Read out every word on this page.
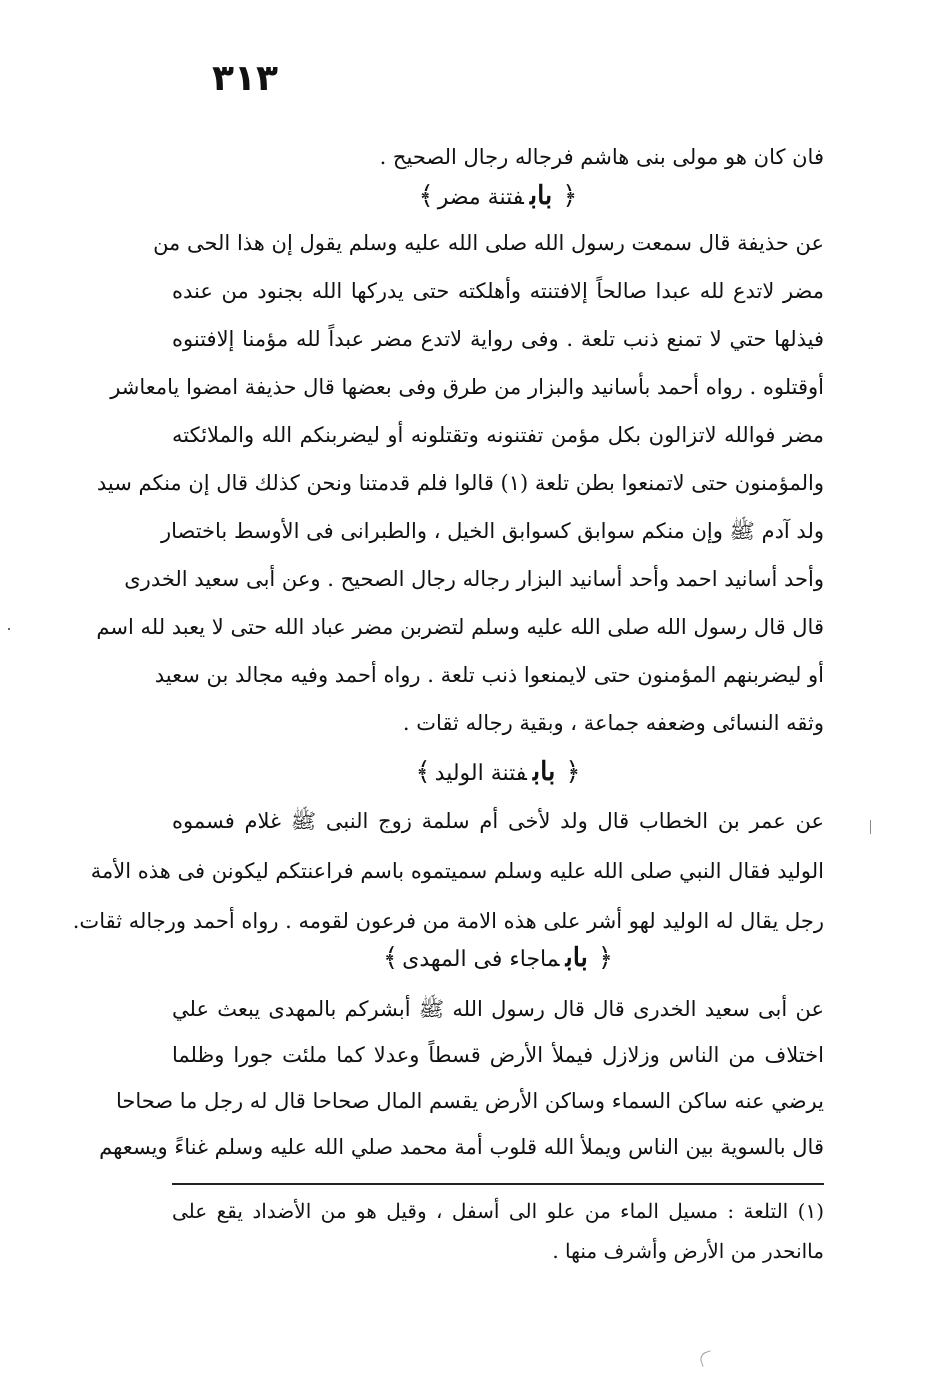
٣١٣
فان كان هو مولى بنى هاشم فرجاله رجال الصحيح .
﴿بابفتنة مضر﴾
عن حذيفة قال سمعت رسول الله صلى الله عليه وسلم يقول إن هذا الحى من
مضر لاتدع لله عبدا صالحاً إلافتنته وأهلكته حتى يدركها الله بجنود من عنده
فيذلها حتي لا تمنع ذنب تلعة . وفى رواية لاتدع مضر عبداً لله مؤمنا إلافتنوه
أوقتلوه . رواه أحمد بأسانيد والبزار من طرق وفى بعضها قال حذيفة امضوا يامعاشر
مضر فوالله لاتزالون بكل مؤمن تفتنونه وتقتلونه أو ليضربنكم الله والملائكته
والمؤمنون حتى لاتمنعوا بطن تلعة (١) قالوا فلم قدمتنا ونحن كذلك قال إن منكم سيد
ولد آدم ﷺ وإن منكم سوابق كسوابق الخيل ، والطبرانى فى الأوسط باختصار
وأحد أسانيد احمد وأحد أسانيد البزار رجاله رجال الصحيح . وعن أبى سعيد الخدرى
قال قال رسول الله صلى الله عليه وسلم لتضربن مضر عباد الله حتى لا يعبد لله اسم
أو ليضربنهم المؤمنون حتى لايمنعوا ذنب تلعة . رواه أحمد وفيه مجالد بن سعيد
وثقه النسائى وضعفه جماعة ، وبقية رجاله ثقات .
﴿بابفتنة الوليد﴾
عن عمر بن الخطاب قال ولد لأخى أم سلمة زوج النبى ﷺ غلام فسموه
الوليد فقال النبي صلى الله عليه وسلم سميتموه باسم فراعنتكم ليكونن فى هذه الأمة
رجل يقال له الوليد لهو أشر على هذه الامة من فرعون لقومه . رواه أحمد ورجاله ثقات.
﴿بابماجاء فى المهدى﴾
عن أبى سعيد الخدرى قال قال رسول الله ﷺ أبشركم بالمهدى يبعث علي
اختلاف من الناس وزلازل فيملأ الأرض قسطاً وعدلا كما ملئت جورا وظلما
يرضي عنه ساكن السماء وساكن الأرض يقسم المال صحاحا قال له رجل ما صحاحا
قال بالسوية بين الناس ويملأ الله قلوب أمة محمد صلي الله عليه وسلم غناءً ويسعهم
(١) التلعة : مسيل الماء من علو الى أسفل ، وقيل هو من الأضداد يقع على
ماانحدر من الأرض وأشرف منها .
